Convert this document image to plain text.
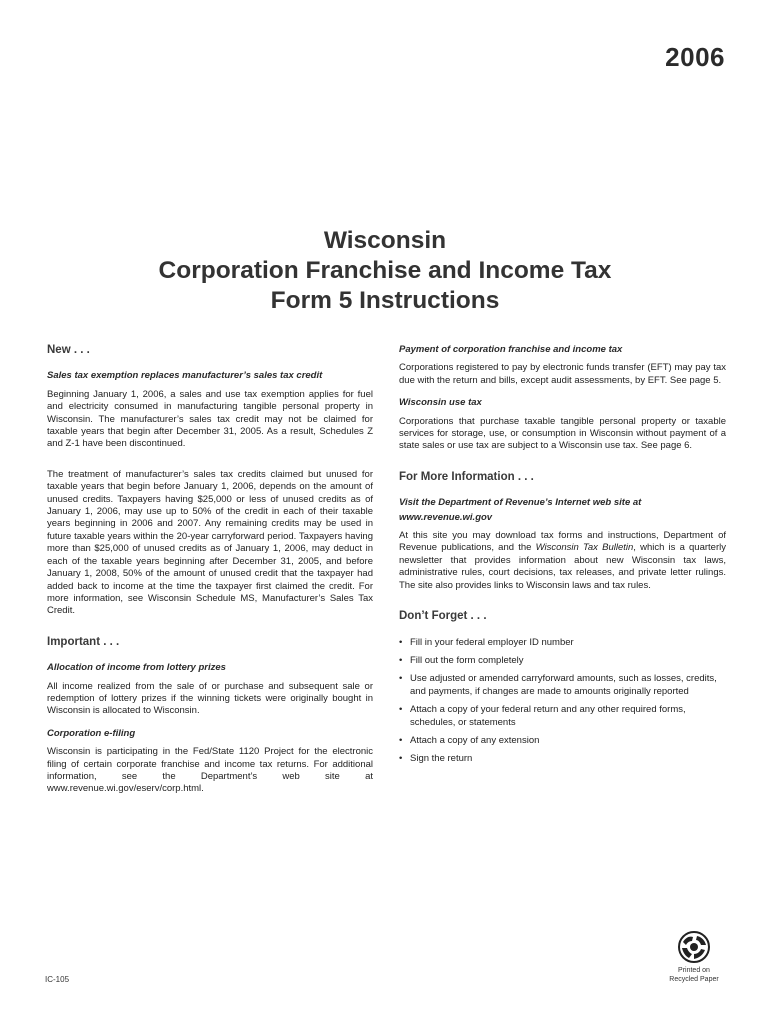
2006

Wisconsin

Corporation Franchise and Income Tax

Form 5 Instructions

New . . .

Sales tax exemption replaces manufacturer’s sales tax credit

Beginning January 1, 2006, a sales and use tax exemption applies for fuel and electricity consumed in manufacturing tangible personal property in Wisconsin. The manufacturer’s sales tax credit may not be claimed for taxable years that begin after December 31, 2005. As a result, Schedules Z and Z-1 have been discontinued.

The treatment of manufacturer’s sales tax credits claimed but unused for taxable years that begin before January 1, 2006, depends on the amount of unused credits. Taxpayers having $25,000 or less of unused credits as of January 1, 2006, may use up to 50% of the credit in each of their taxable years beginning in 2006 and 2007. Any remaining credits may be used in future taxable years within the 20-year carryforward period. Taxpayers having more than $25,000 of unused credits as of January 1, 2006, may deduct in each of the taxable years beginning after December 31, 2005, and before January 1, 2008, 50% of the amount of unused credit that the taxpayer had added back to income at the time the taxpayer first claimed the credit. For more information, see Wisconsin Schedule MS, Manufacturer’s Sales Tax Credit.

Important . . .

Allocation of income from lottery prizes

All income realized from the sale of or purchase and subsequent sale or redemption of lottery prizes if the winning tickets were originally bought in Wisconsin is allocated to Wisconsin.

Corporation e-filing

Wisconsin is participating in the Fed/State 1120 Project for the electronic filing of certain corporate franchise and income tax returns. For additional information, see the Department’s web site at www.revenue.wi.gov/eserv/corp.html.

Payment of corporation franchise and income tax

Corporations registered to pay by electronic funds transfer (EFT) may pay tax due with the return and bills, except audit assessments, by EFT. See page 5.

Wisconsin use tax

Corporations that purchase taxable tangible personal property or taxable services for storage, use, or consumption in Wisconsin without payment of a state sales or use tax are subject to a Wisconsin use tax. See page 6.

For More Information . . .

Visit the Department of Revenue’s Internet web site at

www.revenue.wi.gov

At this site you may download tax forms and instructions, Department of Revenue publications, and the Wisconsin Tax Bulletin, which is a quarterly newsletter that provides information about new Wisconsin tax laws, administrative rules, court decisions, tax releases, and private letter rulings. The site also provides links to Wisconsin laws and tax rules.

Don’t Forget . . .

• Fill in your federal employer ID number
• Fill out the form completely
• Use adjusted or amended carryforward amounts, such as losses, credits, and payments, if changes are made to amounts originally reported
• Attach a copy of your federal return and any other required forms, schedules, or statements
• Attach a copy of any extension
• Sign the return
IC-105
Printed on
Recycled Paper
